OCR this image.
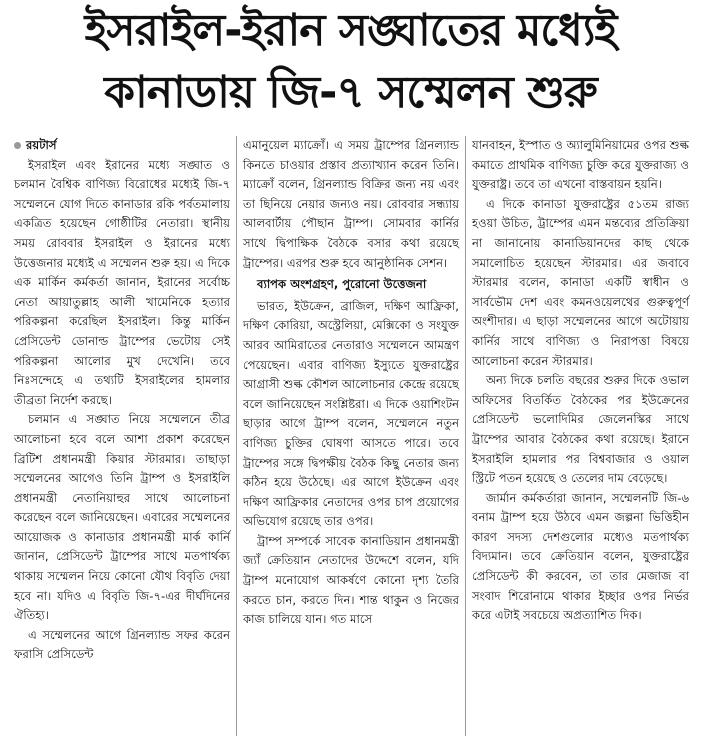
ইসরাইল-ইরান সঙ্ঘাতের মধ্যেই
কানাডায় জি-৭ সম্মেলন শুরু
রয়টার্স

ইসরাইল এবং ইরানের মধ্যে সঙ্ঘাত ও চলমান বৈশ্বিক বাণিজ্য বিরোধের মধ্যেই জি-৭ সম্মেলনে যোগ দিতে কানাডার রকি পর্বতমালায় একত্রিত হয়েছেন গোষ্ঠীটির নেতারা। স্থানীয় সময় রোববার ইসরাইল ও ইরানের মধ্যে উত্তেজনার মধ্যেই এ সম্মেলন শুরু হয়। এ দিকে এক মার্কিন কর্মকর্তা জানান, ইরানের সর্বোচ্চ নেতা আয়াতুল্লাহ আলী খামেনিকে হত্যার পরিকল্পনা করেছিল ইসরাইল। কিন্তু মার্কিন প্রেসিডেন্ট ডোনাল্ড ট্রাম্পের ভেটোয় সেই পরিকল্পনা আলোর মুখ দেখেনি। তবে নিঃসন্দেহে এ তথ্যটি ইসরাইলের হামলার তীব্রতা নির্দেশ করছে।

চলমান এ সঙ্ঘাত নিয়ে সম্মেলনে তীব্র আলোচনা হবে বলে আশা প্রকাশ করেছেন ব্রিটিশ প্রধানমন্ত্রী কিয়ার স্টারমার। তাছাড়া সম্মেলনের আগেও তিনি ট্রাম্প ও ইসরাইলি প্রধানমন্ত্রী নেতানিয়াহুর সাথে আলোচনা করেছেন বলে জানিয়েছেন। এবারের সম্মেলনের আয়োজক ও কানাডার প্রধানমন্ত্রী মার্ক কার্নি জানান, প্রেসিডেন্ট ট্রাম্পের সাথে মতপার্থক্য থাকায় সম্মেলন নিয়ে কোনো যৌথ বিবৃতি দেয়া হবে না। যদিও এ বিবৃতি জি-৭-এর দীর্ঘদিনের ঐতিহ্য।

এ সম্মেলনের আগে গ্রিনল্যান্ড সফর করেন ফরাসি প্রেসিডেন্ট

এমানুয়েল ম্যাক্রোঁ। এ সময় ট্রাম্পের গ্রিনল্যান্ড কিনতে চাওয়ার প্রস্তাব প্রত্যাখ্যান করেন তিনি। ম্যাক্রোঁ বলেন, গ্রিনল্যান্ড বিক্রির জন্য নয় এবং তা ছিনিয়ে নেয়ার জন্যও নয়। রোববার সন্ধ্যায় আলবার্টায় পৌছান ট্রাম্প। সোমবার কার্নির সাথে দ্বিপাক্ষিক বৈঠকে বসার কথা রয়েছে ট্রাম্পের। এরপর শুরু হবে আনুষ্ঠানিক সেশন।

ব্যাপক অংশগ্রহণ, পুরোনো উত্তেজনা

ভারত, ইউক্রেন, ব্রাজিল, দক্ষিণ আফ্রিকা, দক্ষিণ কোরিয়া, অস্ট্রেলিয়া, মেক্সিকো ও সংযুক্ত আরব আমিরাতের নেতারাও সম্মেলনে আমন্ত্রণ পেয়েছেন। এবার বাণিজ্য ইস্যুতে যুক্তরাষ্ট্রের আগ্রাসী শুল্ক কৌশল আলোচনার কেন্দ্রে রয়েছে বলে জানিয়েছেন সংশ্লিষ্টরা। এ দিকে ওয়াশিংটন ছাড়ার আগে ট্রাম্প বলেন, সম্মেলনে নতুন বাণিজ্য চুক্তির ঘোষণা আসতে পারে। তবে ট্রাম্পের সঙ্গে দ্বিপক্ষীয় বৈঠক কিছু নেতার জন্য কঠিন হয়ে উঠেছে। এর আগে ইউক্রেন এবং দক্ষিণ আফ্রিকার নেতাদের ওপর চাপ প্রয়োগের অভিযোগ রয়েছে তার ওপর।

ট্রাম্প সম্পর্কে সাবেক কানাডিয়ান প্রধানমন্ত্রী জ্যাঁ ক্রেতিয়ান নেতাদের উদ্দেশে বলেন, যদি ট্রাম্প মনোযোগ আকর্ষণে কোনো দৃশ্য তৈরি করতে চান, করতে দিন। শান্ত থাকুন ও নিজের কাজ চালিয়ে যান। গত মাসে

যানবাহন, ইস্পাত ও অ্যালুমিনিয়ামের ওপর শুল্ক কমাতে প্রাথমিক বাণিজ্য চুক্তি করে যুক্তরাজ্য ও যুক্তরাষ্ট্র। তবে তা এখনো বাস্তবায়ন হয়নি।

এ দিকে কানাডা যুক্তরাষ্ট্রের ৫১তম রাজ্য হওয়া উচিত, ট্রাম্পের এমন মন্তব্যের প্রতিক্রিয়া না জানানোয় কানাডিয়ানদের কাছ থেকে সমালোচিত হয়েছেন স্টারমার। এর জবাবে স্টারমার বলেন, কানাডা একটি স্বাধীন ও সার্বভৌম দেশ এবং কমনওয়েলথের গুরুত্বপূর্ণ অংশীদার। এ ছাড়া সম্মেলনের আগে অটোয়ায় কার্নির সাথে বাণিজ্য ও নিরাপত্তা বিষয়ে আলোচনা করেন স্টারমার।

অন্য দিকে চলতি বছরের শুরুর দিকে ওভাল অফিসের বিতর্কিত বৈঠকের পর ইউক্রেনের প্রেসিডেন্ট ভলোদিমির জেলেনস্কির সাথে ট্রাম্পের আবার বৈঠকের কথা রয়েছে। ইরানে ইসরাইলি হামলার পর বিশ্ববাজার ও ওয়াল স্ট্রিটে পতন হয়েছে ও তেলের দাম বেড়েছে।

জার্মান কর্মকর্তারা জানান, সম্মেলনটি জি-৬ বনাম ট্রাম্প হয়ে উঠবে এমন জল্পনা ভিত্তিহীন কারণ সদস্য দেশগুলোর মধ্যেও মতপার্থক্য বিদ্যমান। তবে ক্রেতিয়ান বলেন, যুক্তরাষ্ট্রের প্রেসিডেন্ট কী করবেন, তা তার মেজাজ বা সংবাদ শিরোনামে থাকার ইচ্ছার ওপর নির্ভর করে এটাই সবচেয়ে অপ্রত্যাশিত দিক।
